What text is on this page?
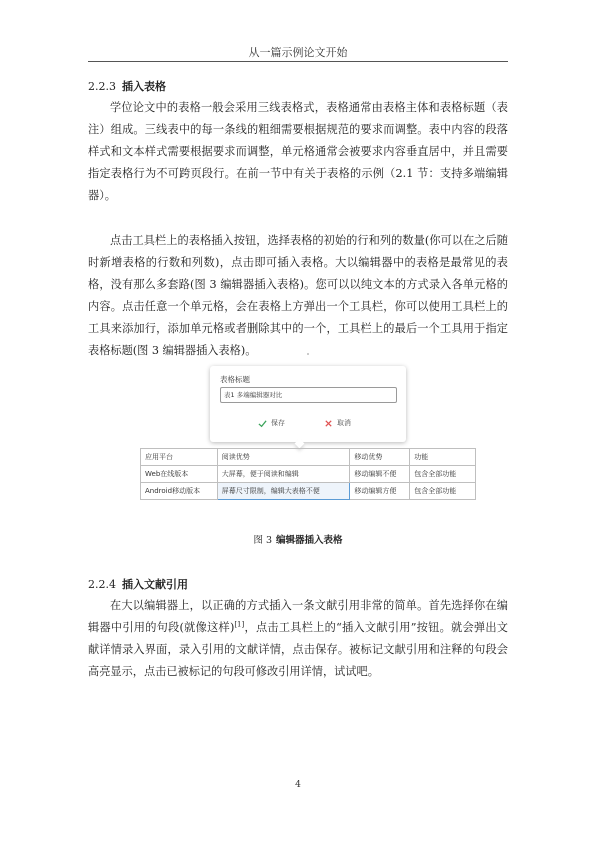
从一篇示例论文开始
2.2.3 插入表格
学位论文中的表格一般会采用三线表格式，表格通常由表格主体和表格标题（表注）组成。三线表中的每一条线的粗细需要根据规范的要求而调整。表中内容的段落样式和文本样式需要根据要求而调整，单元格通常会被要求内容垂直居中，并且需要指定表格行为不可跨页段行。在前一节中有关于表格的示例（2.1 节：支持多端编辑器）。
点击工具栏上的表格插入按钮，选择表格的初始的行和列的数量(你可以在之后随时新增表格的行数和列数)，点击即可插入表格。大以编辑器中的表格是最常见的表格，没有那么多套路(图 3 编辑器插入表格)。您可以以纯文本的方式录入各单元格的内容。点击任意一个单元格，会在表格上方弹出一个工具栏，你可以使用工具栏上的工具来添加行，添加单元格或者删除其中的一个，工具栏上的最后一个工具用于指定表格标题(图 3 编辑器插入表格)。
表格标题
表1 多端编辑器对比
保存	取消
应用平台	阅读优势	移动优势	功能
Web在线版本	大屏幕，便于阅读和编辑	移动编辑不便	包含全部功能
Android移动版本	屏幕尺寸限制，编辑大表格不便	移动编辑方便	包含全部功能
图 3 编辑器插入表格
2.2.4 插入文献引用
在大以编辑器上，以正确的方式插入一条文献引用非常的简单。首先选择你在编辑器中引用的句段(就像这样)[1]，点击工具栏上的“插入文献引用”按钮。就会弹出文献详情录入界面，录入引用的文献详情，点击保存。被标记文献引用和注释的句段会高亮显示，点击已被标记的句段可修改引用详情，试试吧。
4
